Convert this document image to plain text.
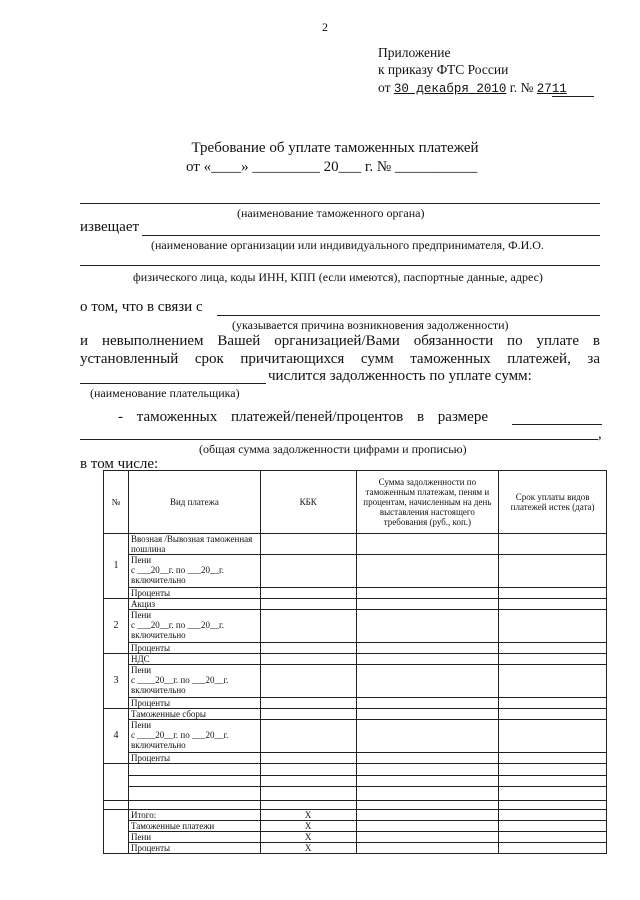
2
Приложение
к приказу ФТС России
от 30 декабря 2010 г. № 2711
Требование об уплате таможенных платежей
от «____» _________ 20___ г. № ___________
(наименование таможенного органа)
извещает
(наименование организации или индивидуального предпринимателя, Ф.И.О.
физического лица, коды ИНН, КПП (если имеются), паспортные данные, адрес)
о том, что в связи с
(указывается причина возникновения задолженности)
и невыполнением Вашей организацией/Вами обязанности по уплате в
установленный срок причитающихся сумм таможенных платежей, за
числится задолженность по уплате сумм:
(наименование плательщика)
- таможенных платежей/пеней/процентов в размере
,
(общая сумма задолженности цифрами и прописью)
в том числе:
№	Вид платежа	КБК	Сумма задолженности по таможенным платежам, пеням и процентам, начисленным на день выставления настоящего требования (руб., коп.)	Срок уплаты видов платежей истек (дата)
1	Ввозная /Вывозная таможенная пошлина			
	Пени
с ___20__г. по ___20__г.
включительно			
	Проценты			
2	Акциз			
	Пени
с ___20__г. по ___20__г.
включительно			
	Проценты			
3	НДС			
	Пени
с ____20__г. по ___20__г.
включительно			
	Проценты			
4	Таможенные сборы			
	Пени
с ____20__г. по ___20__г.
включительно			
	Проценты			

	Итого:	Х		
	Таможенные платежи	Х		
	Пени	Х		
	Проценты	Х		
